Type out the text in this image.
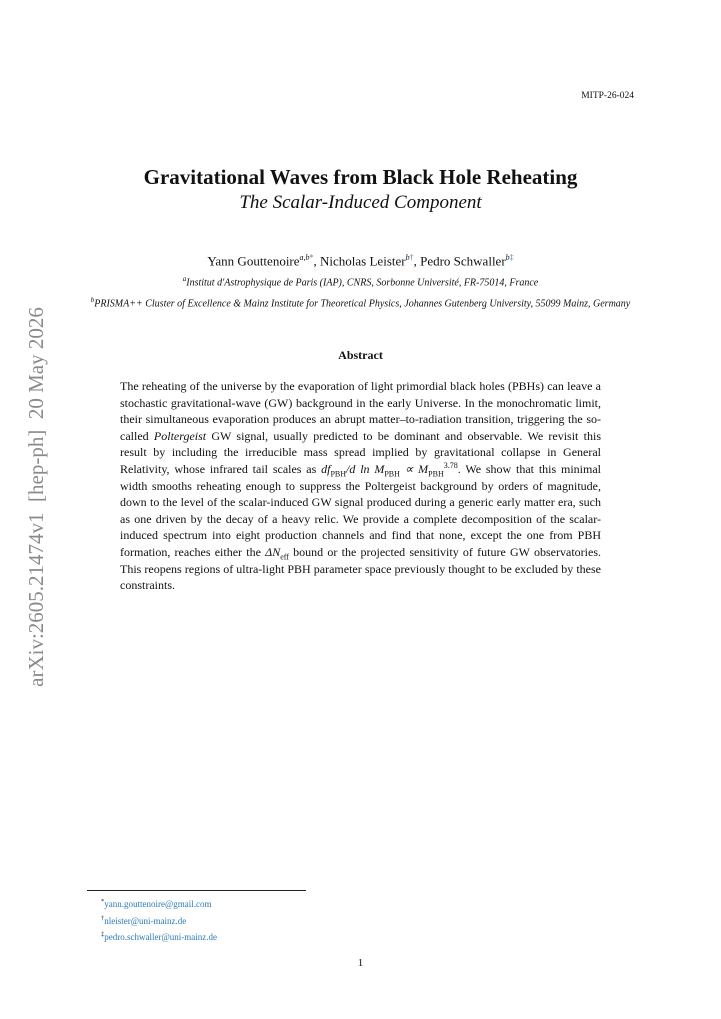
MITP-26-024
arXiv:2605.21474v1  [hep-ph]  20 May 2026
Gravitational Waves from Black Hole Reheating
The Scalar-Induced Component
Yann Gouttenoire$^{a,b*}$, Nicholas Leister$^{b\dagger}$, Pedro Schwaller$^{b\ddagger}$
$^a$Institut d'Astrophysique de Paris (IAP), CNRS, Sorbonne Université, FR-75014, France
$^b$PRISMA++ Cluster of Excellence & Mainz Institute for Theoretical Physics, Johannes Gutenberg University, 55099 Mainz, Germany
Abstract
The reheating of the universe by the evaporation of light primordial black holes (PBHs) can leave a stochastic gravitational-wave (GW) background in the early Universe. In the monochromatic limit, their simultaneous evaporation produces an abrupt matter–to-radiation transition, triggering the so-called Poltergeist GW signal, usually predicted to be dominant and observable. We revisit this result by including the irreducible mass spread implied by gravitational collapse in General Relativity, whose infrared tail scales as $df_{PBH}/d$ $\ln M_{PBH} \propto M_{PBH}^{3.78}$. We show that this minimal width smooths reheating enough to suppress the Poltergeist background by orders of magnitude, down to the level of the scalar-induced GW signal produced during a generic early matter era, such as one driven by the decay of a heavy relic. We provide a complete decomposition of the scalar-induced spectrum into eight production channels and find that none, except the one from PBH formation, reaches either the $\Delta N_{eff}$ bound or the projected sensitivity of future GW observatories. This reopens regions of ultra-light PBH parameter space previously thought to be excluded by these constraints.
*yann.gouttenoire@gmail.com
†nleister@uni-mainz.de
‡pedro.schwaller@uni-mainz.de
1
